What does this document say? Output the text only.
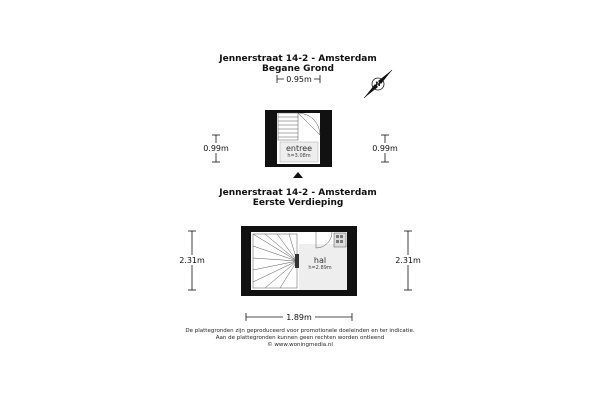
Jennerstraat 14-2 - Amsterdam
Begane Grond
0.95m
N
entree
h=3.08m
0.99m	0.99m
Jennerstraat 14-2 - Amsterdam
Eerste Verdieping
hal
h=2.89m
2.31m	2.31m
1.89m
De plattegronden zijn geproduceerd voor promotionele doeleinden en ter indicatie.
Aan de plattegronden kunnen geen rechten worden ontleend
© www.woningmedia.nl
